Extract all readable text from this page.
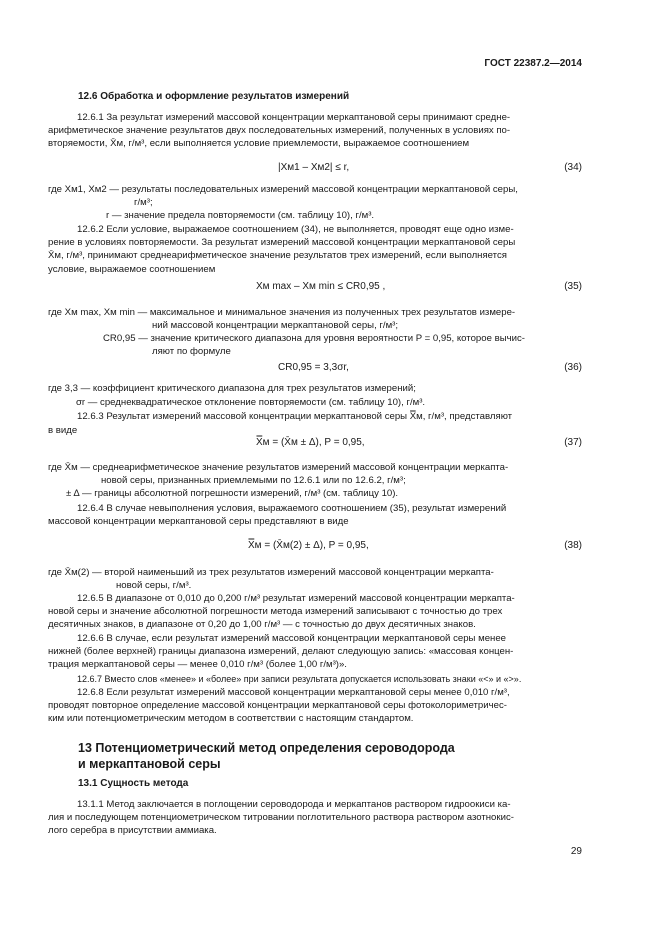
ГОСТ 22387.2—2014
12.6 Обработка и оформление результатов измерений
12.6.1 За результат измерений массовой концентрации меркаптановой серы принимают средне-
арифметическое значение результатов двух последовательных измерений, полученных в условиях по-
вторяемости, X̄м, г/м³, если выполняется условие приемлемости, выражаемое соотношением
|Xм1 – Xм2| ≤ r,	(34)
где Xм1, Xм2 — результаты последовательных измерений массовой концентрации меркаптановой серы,
г/м³;
r — значение предела повторяемости (см. таблицу 10), г/м³.
12.6.2 Если условие, выражаемое соотношением (34), не выполняется, проводят еще одно изме-
рение в условиях повторяемости. За результат измерений массовой концентрации меркаптановой серы
X̄м, г/м³, принимают среднеарифметическое значение результатов трех измерений, если выполняется
условие, выражаемое соотношением
Xм max – Xм min ≤ CR0,95 ,	(35)
где Xм max, Xм min — максимальное и минимальное значения из полученных трех результатов измере-
ний массовой концентрации меркаптановой серы, г/м³;
CR0,95 — значение критического диапазона для уровня вероятности P = 0,95, которое вычис-
ляют по формуле
CR0,95 = 3,3σr,	(36)
где 3,3 — коэффициент критического диапазона для трех результатов измерений;
σr — среднеквадратическое отклонение повторяемости (см. таблицу 10), г/м³.
12.6.3 Результат измерений массовой концентрации меркаптановой серы X̿м, г/м³, представляют
в виде
X̿м = (X̄м ± Δ), P = 0,95,	(37)
где X̄м — среднеарифметическое значение результатов измерений массовой концентрации меркапта-
новой серы, признанных приемлемыми по 12.6.1 или по 12.6.2, г/м³;
± Δ — границы абсолютной погрешности измерений, г/м³ (см. таблицу 10).
12.6.4 В случае невыполнения условия, выражаемого соотношением (35), результат измерений
массовой концентрации меркаптановой серы представляют в виде
X̿м = (X̄м(2) ± Δ), P = 0,95,	(38)
где X̄м(2) — второй наименьший из трех результатов измерений массовой концентрации меркапта-
новой серы, г/м³.
12.6.5 В диапазоне от 0,010 до 0,200 г/м³ результат измерений массовой концентрации меркапта-
новой серы и значение абсолютной погрешности метода измерений записывают с точностью до трех
десятичных знаков, в диапазоне от 0,20 до 1,00 г/м³ — с точностью до двух десятичных знаков.
12.6.6 В случае, если результат измерений массовой концентрации меркаптановой серы менее
нижней (более верхней) границы диапазона измерений, делают следующую запись: «массовая концен-
трация меркаптановой серы — менее 0,010 г/м³ (более 1,00 г/м³)».
12.6.7 Вместо слов «менее» и «более» при записи результата допускается использовать знаки «<» и «>».
12.6.8 Если результат измерений массовой концентрации меркаптановой серы менее 0,010 г/м³,
проводят повторное определение массовой концентрации меркаптановой серы фотоколориметричес-
ким или потенциометрическим методом в соответствии с настоящим стандартом.
13 Потенциометрический метод определения сероводорода
и меркаптановой серы
13.1 Сущность метода
13.1.1 Метод заключается в поглощении сероводорода и меркаптанов раствором гидроокиси ка-
лия и последующем потенциометрическом титровании поглотительного раствора раствором азотнокис-
лого серебра в присутствии аммиака.
29
